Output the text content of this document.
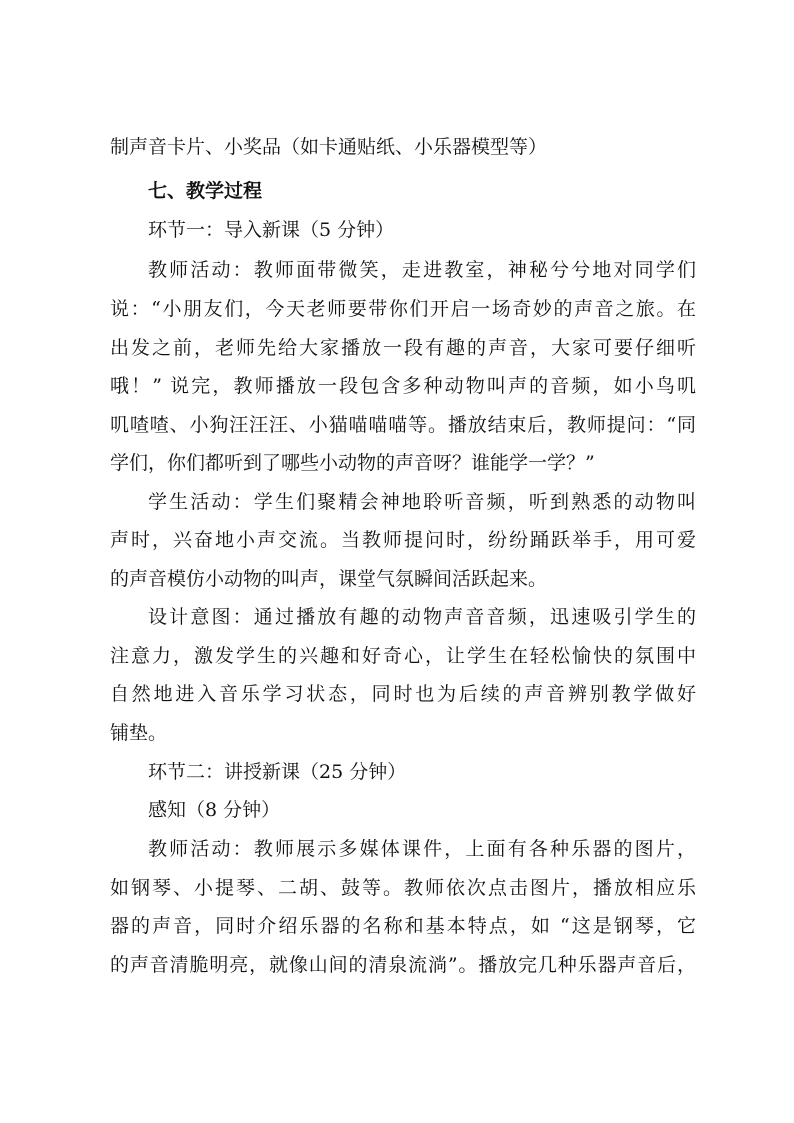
制声音卡片、小奖品（如卡通贴纸、小乐器模型等）
七、教学过程
环节一：导入新课（5 分钟）
教师活动：教师面带微笑，走进教室，神秘兮兮地对同学们
说：“小朋友们，今天老师要带你们开启一场奇妙的声音之旅。在
出发之前，老师先给大家播放一段有趣的声音，大家可要仔细听
哦！” 说完，教师播放一段包含多种动物叫声的音频，如小鸟叽
叽喳喳、小狗汪汪汪、小猫喵喵喵等。播放结束后，教师提问：“同
学们，你们都听到了哪些小动物的声音呀？谁能学一学？”
学生活动：学生们聚精会神地聆听音频，听到熟悉的动物叫
声时，兴奋地小声交流。当教师提问时，纷纷踊跃举手，用可爱
的声音模仿小动物的叫声，课堂气氛瞬间活跃起来。
设计意图：通过播放有趣的动物声音音频，迅速吸引学生的
注意力，激发学生的兴趣和好奇心，让学生在轻松愉快的氛围中
自然地进入音乐学习状态，同时也为后续的声音辨别教学做好
铺垫。
环节二：讲授新课（25 分钟）
感知（8 分钟）
教师活动：教师展示多媒体课件，上面有各种乐器的图片，
如钢琴、小提琴、二胡、鼓等。教师依次点击图片，播放相应乐
器的声音，同时介绍乐器的名称和基本特点，如 “这是钢琴，它
的声音清脆明亮，就像山间的清泉流淌”。播放完几种乐器声音后，
